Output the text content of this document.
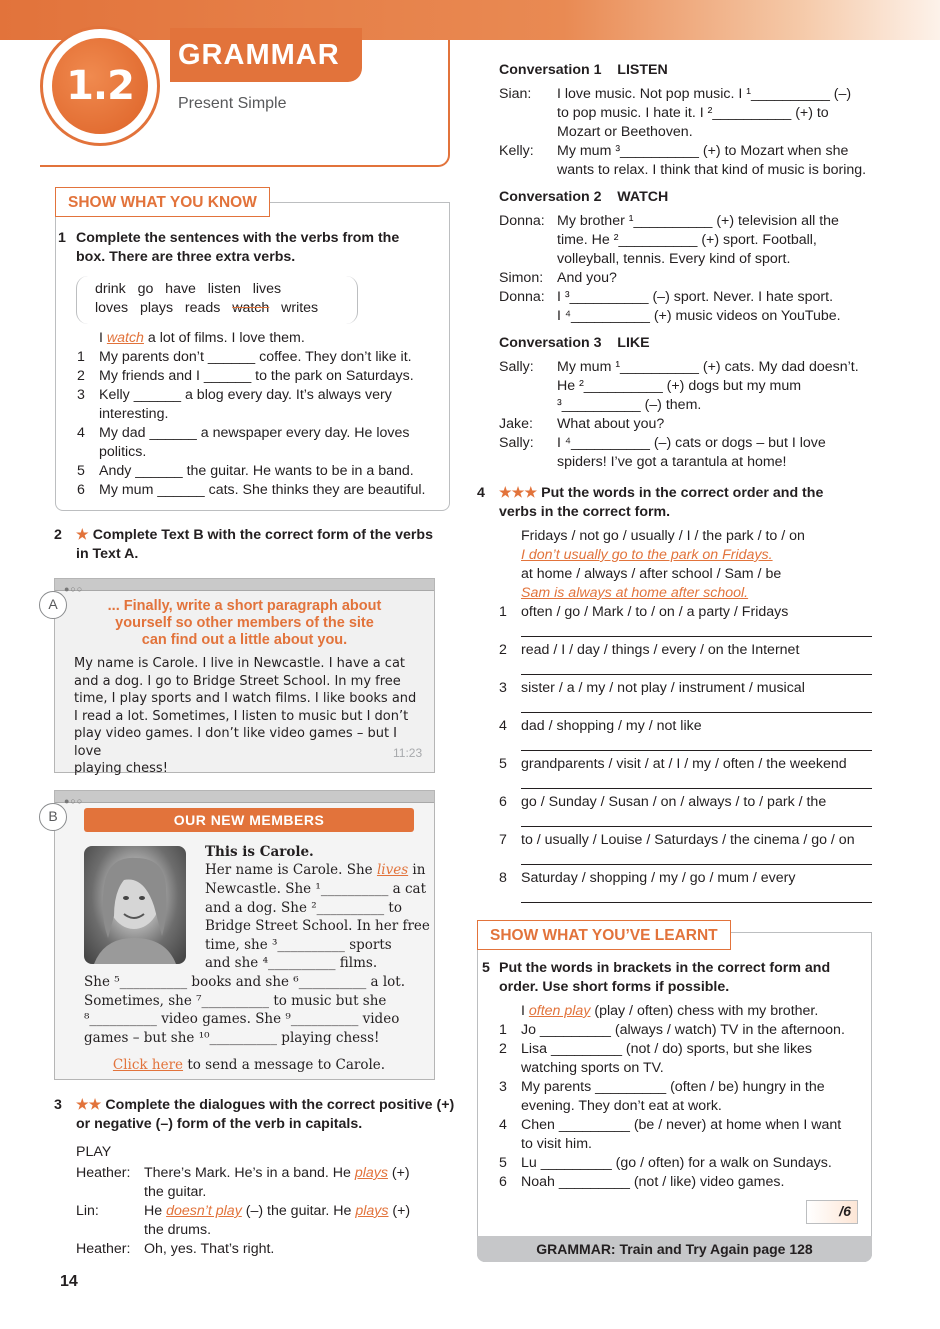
1.2
GRAMMAR
Present Simple
SHOW WHAT YOU KNOW
1 Complete the sentences with the verbs from the
box. There are three extra verbs.
drink   go   have   listen   lives
loves   plays   reads   watch   writes
I watch a lot of films. I love them.
1 My parents don’t ______ coffee. They don’t like it.
2 My friends and I ______ to the park on Saturdays.
3 Kelly ______ a blog every day. It’s always very
interesting.
4 My dad ______ a newspaper every day. He loves
politics.
5 Andy ______ the guitar. He wants to be in a band.
6 My mum ______ cats. She thinks they are beautiful.
2 ★ Complete Text B with the correct form of the verbs
in Text A.
●○○
A	... Finally, write a short paragraph about
yourself so other members of the site
can find out a little about you.
My name is Carole. I live in Newcastle. I have a cat
and a dog. I go to Bridge Street School. In my free
time, I play sports and I watch films. I like books and
I read a lot. Sometimes, I listen to music but I don’t
play video games. I don’t like video games – but I love
playing chess!
11:23
●○○
B	OUR NEW MEMBERS
This is Carole.
Her name is Carole. She lives in
Newcastle. She ¹__________ a cat
and a dog. She ²__________ to
Bridge Street School. In her free
time, she ³__________ sports
and she ⁴__________ films.
She ⁵__________ books and she ⁶__________ a lot.
Sometimes, she ⁷__________ to music but she
⁸__________ video games. She ⁹__________ video
games – but she ¹⁰__________ playing chess!
Click here to send a message to Carole.
3 ★★ Complete the dialogues with the correct positive (+)
or negative (–) form of the verb in capitals.
PLAY
Heather: There’s Mark. He’s in a band. He plays (+)
the guitar.
Lin:	He doesn’t play (–) the guitar. He plays (+)
the drums.
Heather: Oh, yes. That’s right.
14
Conversation 1 LISTEN
Sian: I love music. Not pop music. I ¹__________ (–)
to pop music. I hate it. I ²__________ (+) to
Mozart or Beethoven.
Kelly: My mum ³__________ (+) to Mozart when she
wants to relax. I think that kind of music is boring.
Conversation 2 WATCH
Donna: My brother ¹__________ (+) television all the
time. He ²__________ (+) sport. Football,
volleyball, tennis. Every kind of sport.
Simon: And you?
Donna: I ³__________ (–) sport. Never. I hate sport.
I ⁴__________ (+) music videos on YouTube.
Conversation 3 LIKE
Sally: My mum ¹__________ (+) cats. My dad doesn’t.
He ²__________ (+) dogs but my mum
³__________ (–) them.
Jake: What about you?
Sally: I ⁴__________ (–) cats or dogs – but I love
spiders! I’ve got a tarantula at home!
4 ★★★ Put the words in the correct order and the
verbs in the correct form.
Fridays / not go / usually / I / the park / to / on
I don’t usually go to the park on Fridays.
at home / always / after school / Sam / be
Sam is always at home after school.
1 often / go / Mark / to / on / a party / Fridays
2 read / I / day / things / every / on the Internet
3 sister / a / my / not play / instrument / musical
4 dad / shopping / my / not like
5 grandparents / visit / at / I / my / often / the weekend
6 go / Sunday / Susan / on / always / to / park / the
7 to / usually / Louise / Saturdays / the cinema / go / on
8 Saturday / shopping / my / go / mum / every
SHOW WHAT YOU’VE LEARNT
5 Put the words in brackets in the correct form and
order. Use short forms if possible.
I often play (play / often) chess with my brother.
1 Jo _________ (always / watch) TV in the afternoon.
2 Lisa _________ (not / do) sports, but she likes
watching sports on TV.
3 My parents _________ (often / be) hungry in the
evening. They don’t eat at work.
4 Chen _________ (be / never) at home when I want
to visit him.
5 Lu _________ (go / often) for a walk on Sundays.
6 Noah _________ (not / like) video games.
/6
GRAMMAR: Train and Try Again page 128
